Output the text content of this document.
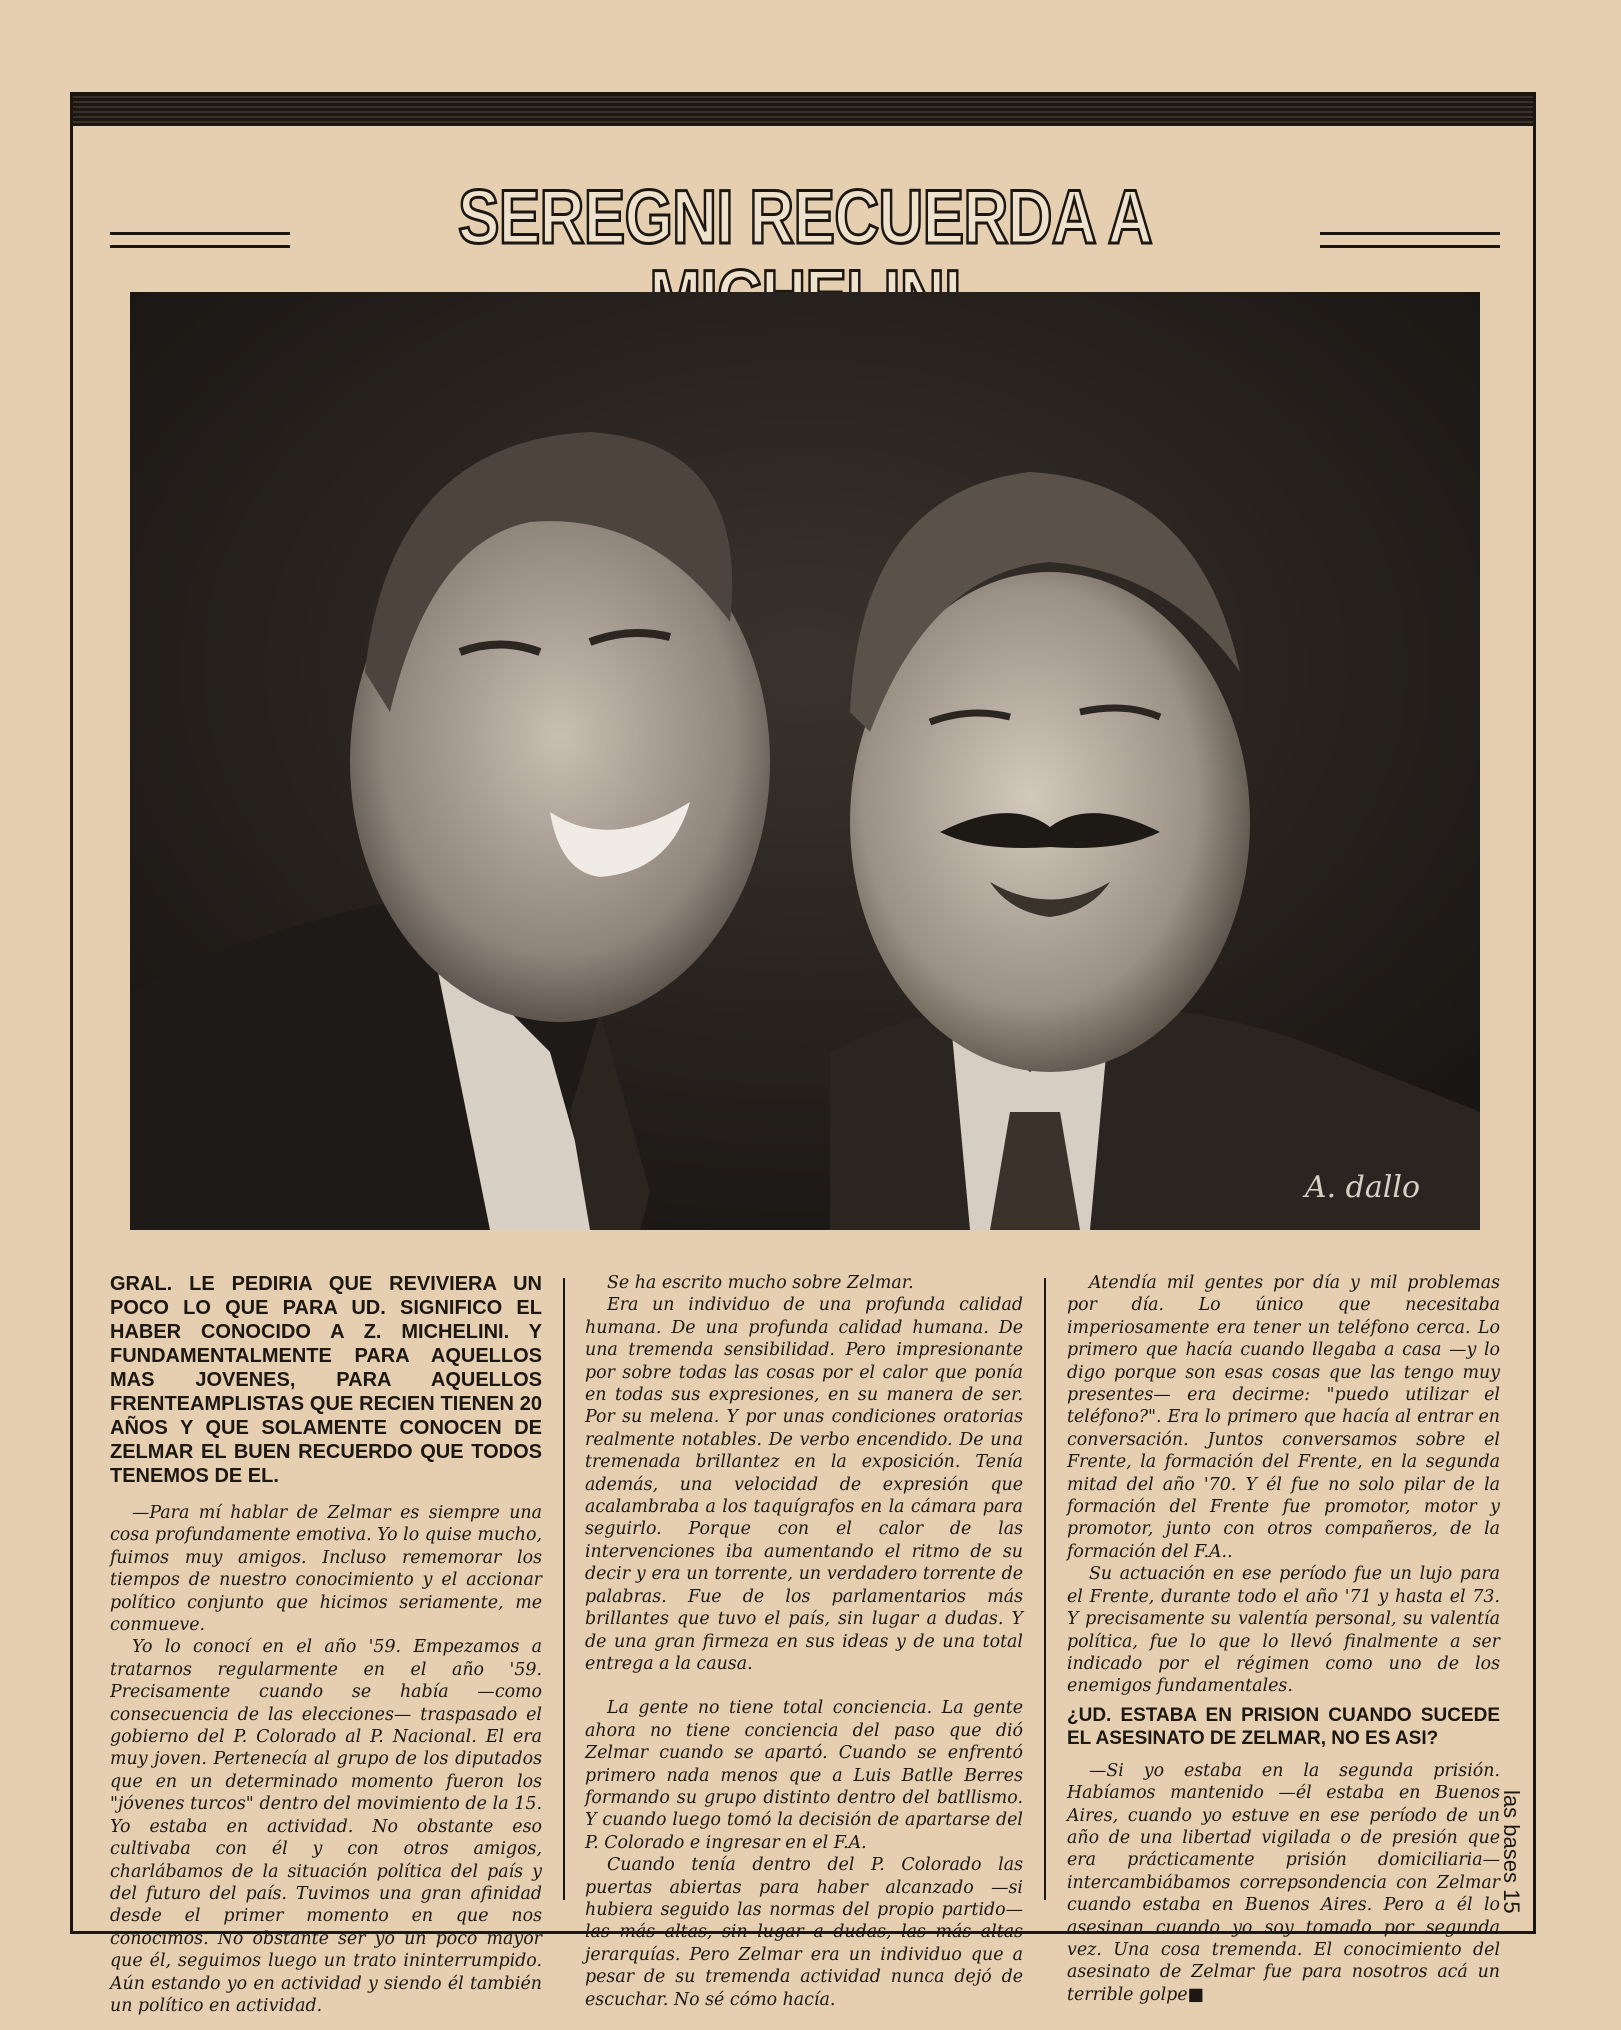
SEREGNI RECUERDA A
A. dallo
GRAL. LE PEDIRIA QUE REVIVIERA UN POCO LO QUE PARA UD. SIGNIFICO EL HABER CONOCIDO A Z. MICHELINI. Y FUNDAMENTALMENTE PARA AQUELLOS MAS JOVENES, PARA AQUELLOS FRENTEAMPLISTAS QUE RECIEN TIENEN 20 AÑOS Y QUE SOLAMENTE CONOCEN DE ZELMAR EL BUEN RECUERDO QUE TODOS TENEMOS DE EL.

—Para mí hablar de Zelmar es siempre una cosa profundamente emotiva. Yo lo quise mucho, fuimos muy amigos. Incluso rememorar los tiempos de nuestro conocimiento y el accionar político conjunto que hicimos seriamente, me conmueve.

Yo lo conocí en el año '59. Empezamos a tratarnos regularmente en el año '59. Precisamente cuando se había —como consecuencia de las elecciones— traspasado el gobierno del P. Colorado al P. Nacional. El era muy joven. Pertenecía al grupo de los diputados que en un determinado momento fueron los "jóvenes turcos" dentro del movimiento de la 15. Yo estaba en actividad. No obstante eso cultivaba con él y con otros amigos, charlábamos de la situación política del país y del futuro del país. Tuvimos una gran afinidad desde el primer momento en que nos conocimos. No obstante ser yo un poco mayor que él, seguimos luego un trato ininterrumpido. Aún estando yo en actividad y siendo él también un político en actividad.

Se ha escrito mucho sobre Zelmar.

Era un individuo de una profunda calidad humana. De una profunda calidad humana. De una tremenda sensibilidad. Pero impresionante por sobre todas las cosas por el calor que ponía en todas sus expresiones, en su manera de ser. Por su melena. Y por unas condiciones oratorias realmente notables. De verbo encendido. De una tremenada brillantez en la exposición. Tenía además, una velocidad de expresión que acalambraba a los taquígrafos en la cámara para seguirlo. Porque con el calor de las intervenciones iba aumentando el ritmo de su decir y era un torrente, un verdadero torrente de palabras. Fue de los parlamentarios más brillantes que tuvo el país, sin lugar a dudas. Y de una gran firmeza en sus ideas y de una total entrega a la causa.

La gente no tiene total conciencia. La gente ahora no tiene conciencia del paso que dió Zelmar cuando se apartó. Cuando se enfrentó primero nada menos que a Luis Batlle Berres formando su grupo distinto dentro del batllismo. Y cuando luego tomó la decisión de apartarse del P. Colorado e ingresar en el F.A.

Cuando tenía dentro del P. Colorado las puertas abiertas para haber alcanzado —si hubiera seguido las normas del propio partido— las más altas, sin lugar a dudas, las más altas jerarquías. Pero Zelmar era un individuo que a pesar de su tremenda actividad nunca dejó de escuchar. No sé cómo hacía.

Atendía mil gentes por día y mil problemas por día. Lo único que necesitaba imperiosamente era tener un teléfono cerca. Lo primero que hacía cuando llegaba a casa —y lo digo porque son esas cosas que las tengo muy presentes— era decirme: "puedo utilizar el teléfono?". Era lo primero que hacía al entrar en conversación. Juntos conversamos sobre el Frente, la formación del Frente, en la segunda mitad del año '70. Y él fue no solo pilar de la formación del Frente fue promotor, motor y promotor, junto con otros compañeros, de la formación del F.A..

Su actuación en ese período fue un lujo para el Frente, durante todo el año '71 y hasta el 73. Y precisamente su valentía personal, su valentía política, fue lo que lo llevó finalmente a ser indicado por el régimen como uno de los enemigos fundamentales.

¿UD. ESTABA EN PRISION CUANDO SUCEDE EL ASESINATO DE ZELMAR, NO ES ASI?

—Si yo estaba en la segunda prisión. Habíamos mantenido —él estaba en Buenos Aires, cuando yo estuve en ese período de un año de una libertad vigilada o de presión que era prácticamente prisión domiciliaria— intercambiábamos correpsondencia con Zelmar cuando estaba en Buenos Aires. Pero a él lo asesinan cuando yo soy tomado por segunda vez. Una cosa tremenda. El conocimiento del asesinato de Zelmar fue para nosotros acá un terrible golpe■

las bases 15
